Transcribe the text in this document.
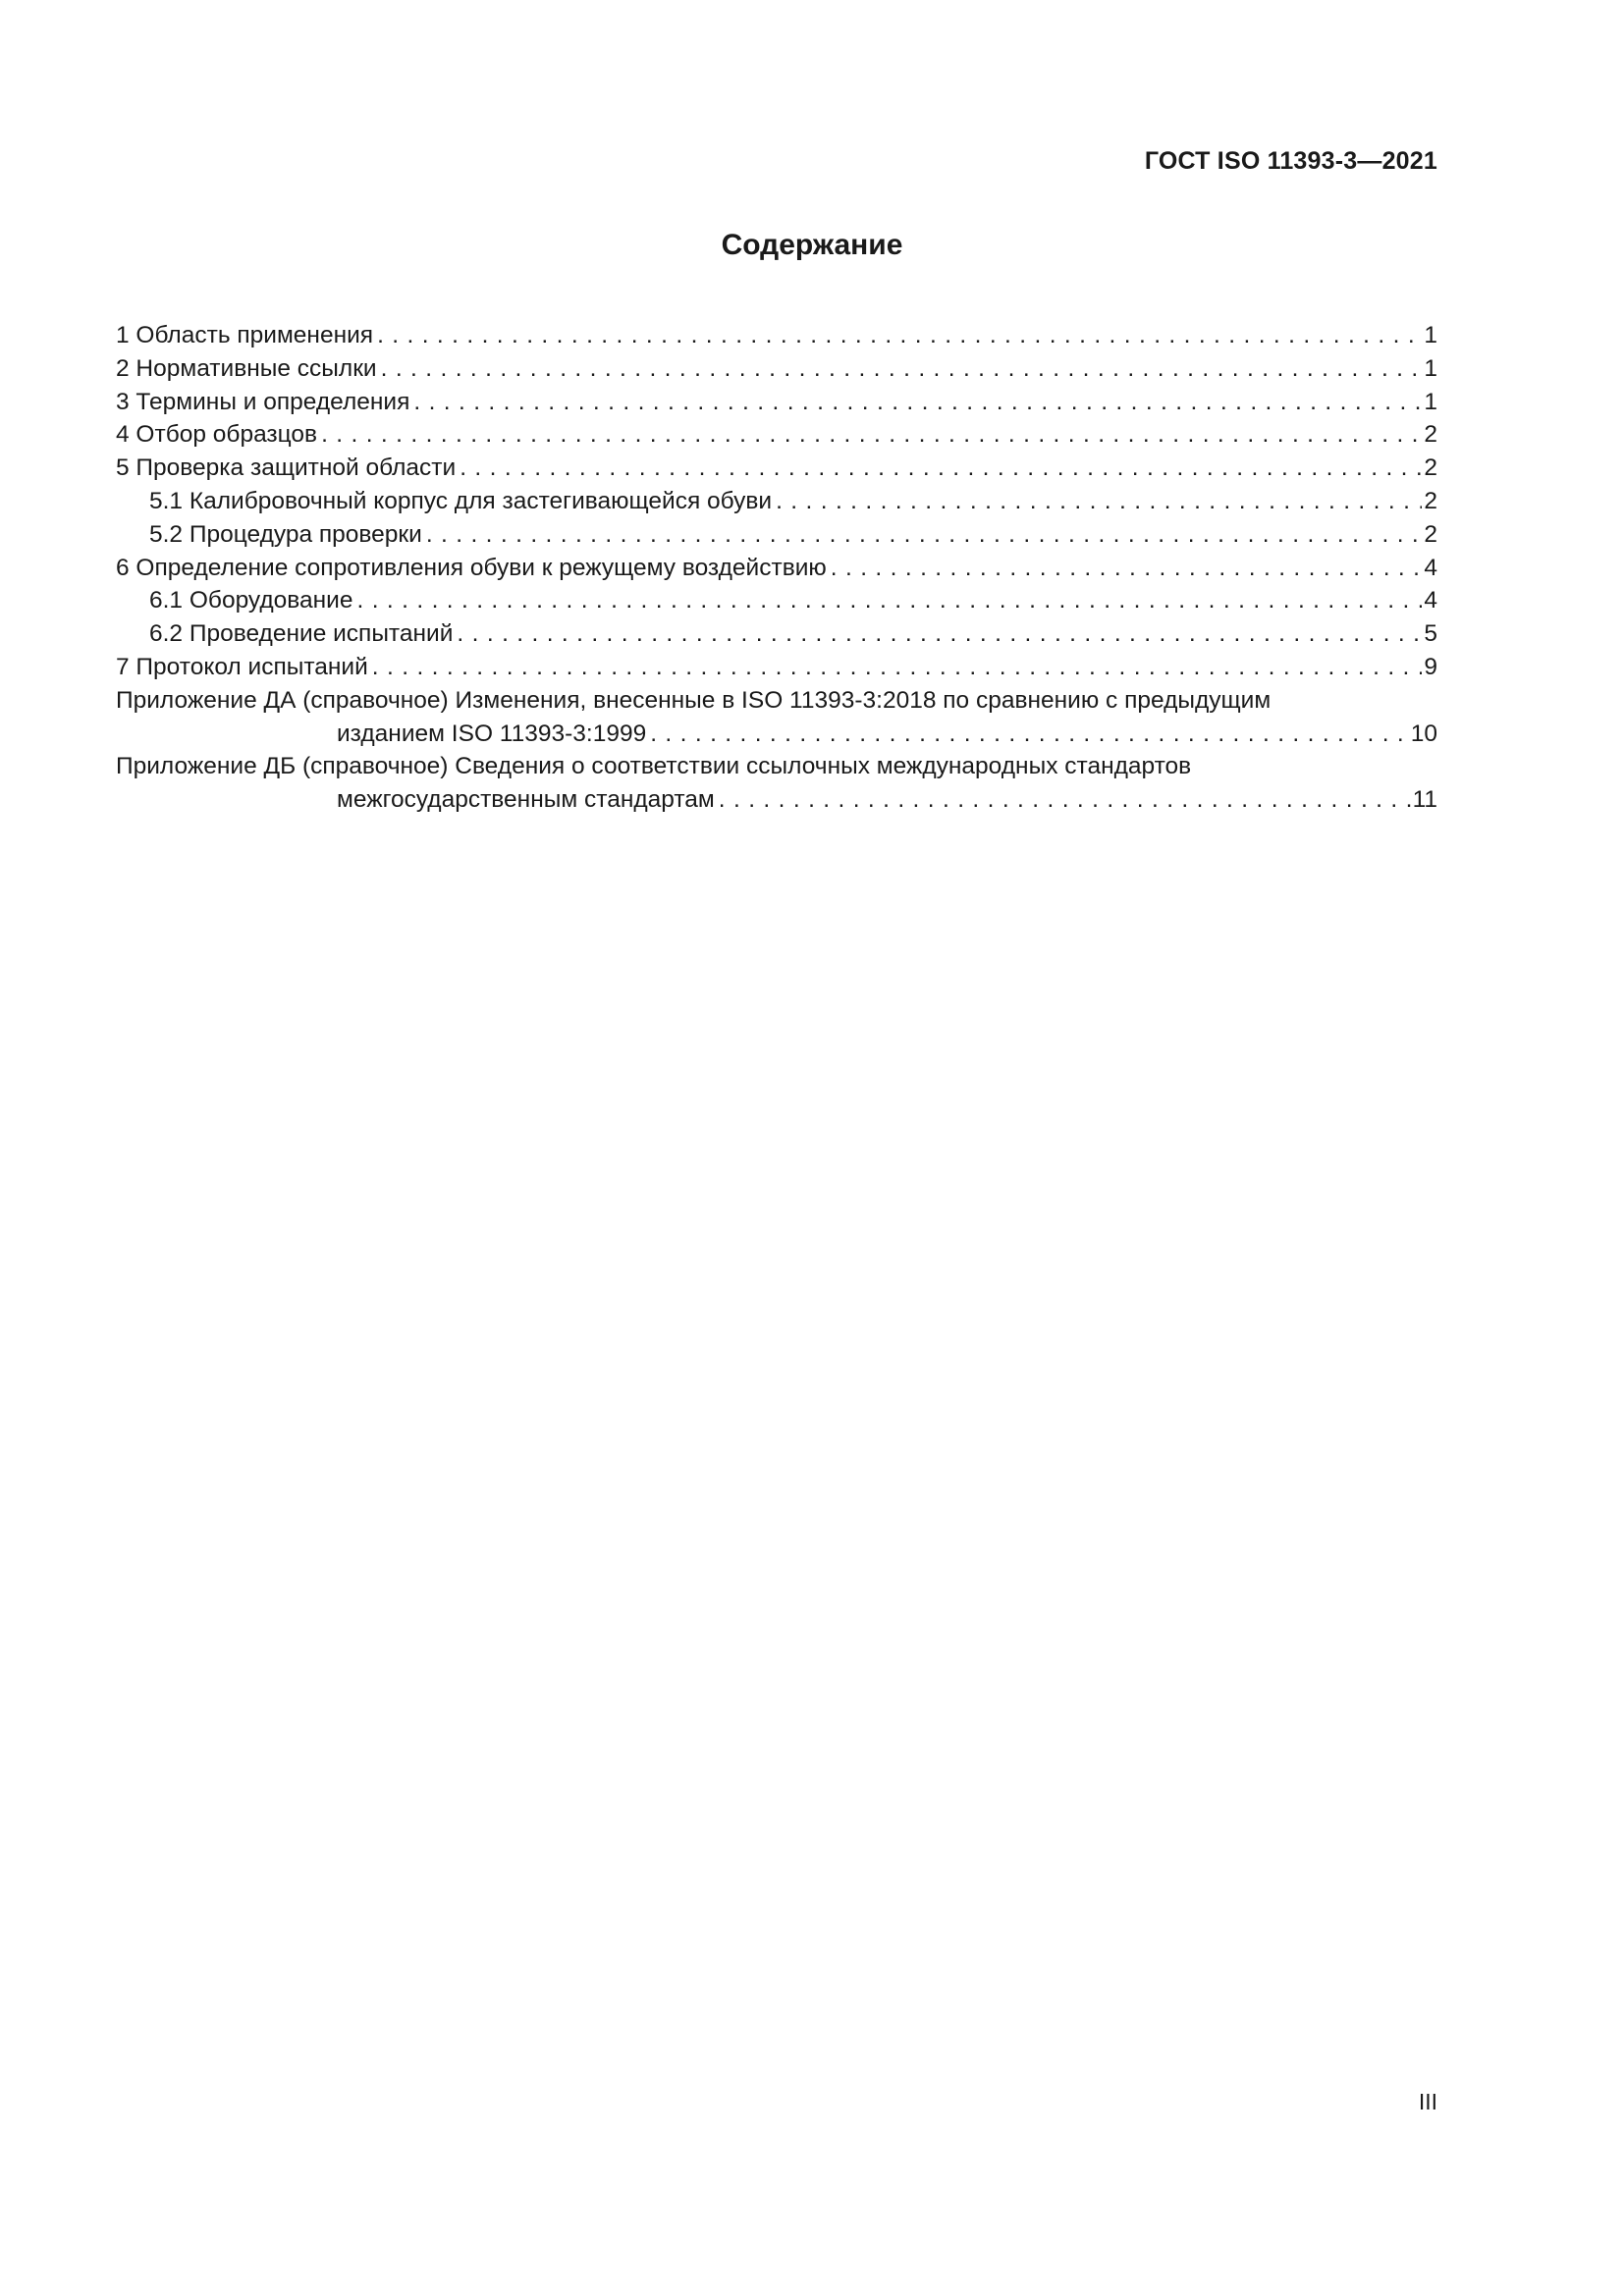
ГОСТ ISO 11393-3—2021
Содержание
1 Область применения . . .	1
2 Нормативные ссылки . . .	1
3 Термины и определения . . .	1
4 Отбор образцов . . .	2
5 Проверка защитной области . . .	2
5.1 Калибровочный корпус для застегивающейся обуви . . .	2
5.2 Процедура проверки . . .	2
6 Определение сопротивления обуви к режущему воздействию . . .	4
6.1 Оборудование . . .	4
6.2 Проведение испытаний . . .	5
7 Протокол испытаний . . .	9
Приложение ДА (справочное) Изменения, внесенные в ISO 11393-3:2018 по сравнению с предыдущим
изданием ISO 11393-3:1999 . . .	10
Приложение ДБ (справочное) Сведения о соответствии ссылочных международных стандартов
межгосударственным стандартам . . .	11
III
